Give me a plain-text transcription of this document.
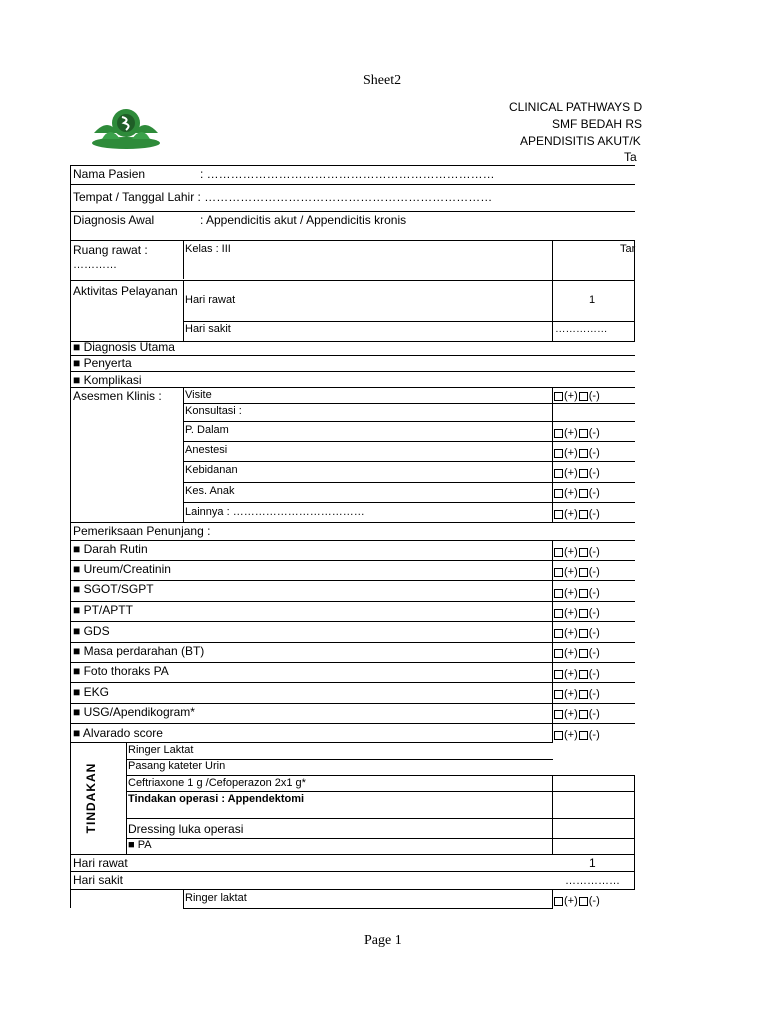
Sheet2
CLINICAL PATHWAYS D
SMF BEDAH RS
APENDISITIS AKUT/K
Ta
Nama Pasien	: ………………………………………………………………
Tempat / Tanggal Lahir : ………………………………………………………………
Diagnosis Awal	: Appendicitis akut / Appendicitis kronis
Ruang rawat :
…………
Kelas : III	Tar
Aktivitas Pelayanan
Hari rawat	1
Hari sakit	……………
■ Diagnosis Utama
■ Penyerta
■ Komplikasi
Asesmen Klinis : Visite	(+) (-)
Konsultasi :
P. Dalam	(+) (-)
Anestesi	(+) (-)
Kebidanan	(+) (-)
Kes. Anak	(+) (-)
Lainnya : ………………………………	(+) (-)
Pemeriksaan Penunjang :
■ Darah Rutin	(+) (-)
■ Ureum/Creatinin	(+) (-)
■ SGOT/SGPT	(+) (-)
■ PT/APTT	(+) (-)
■ GDS	(+) (-)
■ Masa perdarahan (BT)	(+) (-)
■ Foto thoraks PA	(+) (-)
■ EKG	(+) (-)
■ USG/Apendikogram*	(+) (-)
■ Alvarado score	(+) (-)
TINDAKAN
Ringer Laktat
Pasang kateter Urin
Ceftriaxone 1 g /Cefoperazon 2x1 g*
Tindakan operasi : Appendektomi
Dressing luka operasi
■ PA
Hari rawat	1
Hari sakit	……………
Ringer laktat	(+) (-)
Page 1
